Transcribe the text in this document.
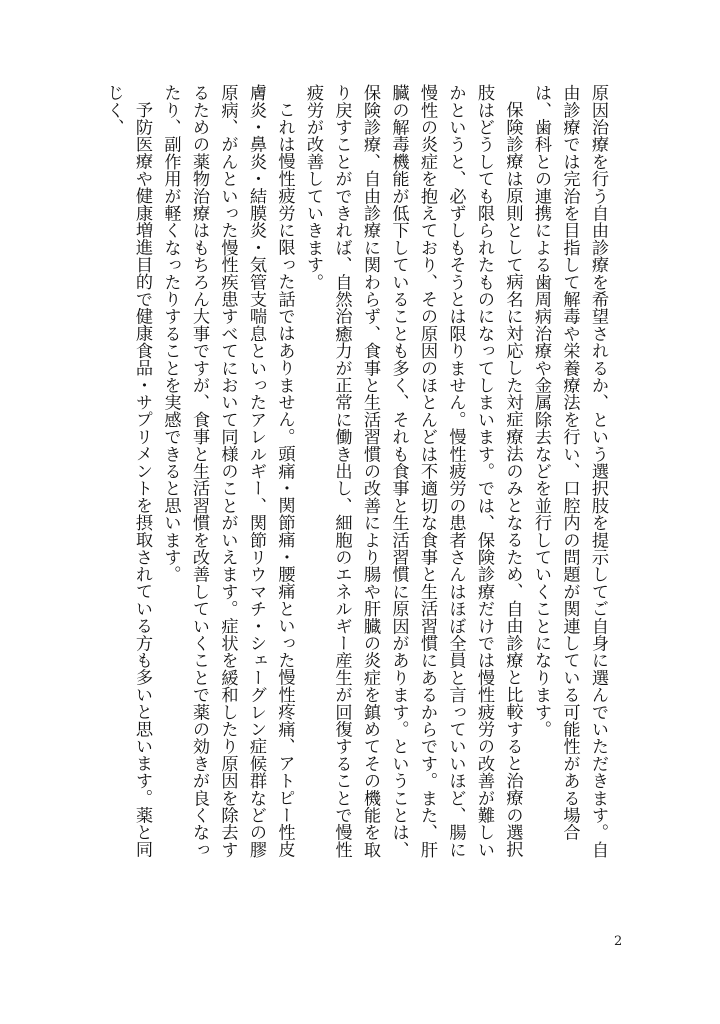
原因治療を行う自由診療を希望されるか、という選択肢を提示してご自身に選んでいただきます。自由診療では完治を目指して解毒や栄養療法を行い、口腔内の問題が関連している可能性がある場合は、歯科との連携による歯周病治療や金属除去などを並行していくことになります。

保険診療は原則として病名に対応した対症療法のみとなるため、自由診療と比較すると治療の選択肢はどうしても限られたものになってしまいます。では、保険診療だけでは慢性疲労の改善が難しいかというと、必ずしもそうとは限りません。慢性疲労の患者さんはほぼ全員と言っていいほど、腸に慢性の炎症を抱えており、その原因のほとんどは不適切な食事と生活習慣にあるからです。また、肝臓の解毒機能が低下していることも多く、それも食事と生活習慣に原因があります。ということは、保険診療、自由診療に関わらず、食事と生活習慣の改善により腸や肝臓の炎症を鎮めてその機能を取り戻すことができれば、自然治癒力が正常に働き出し、細胞のエネルギー産生が回復することで慢性疲労が改善していきます。

これは慢性疲労に限った話ではありません。頭痛・関節痛・腰痛といった慢性疼痛、アトピー性皮膚炎・鼻炎・結膜炎・気管支喘息といったアレルギー、関節リウマチ・シェーグレン症候群などの膠原病、がんといった慢性疾患すべてにおいて同様のことがいえます。症状を緩和したり原因を除去するための薬物治療はもちろん大事ですが、食事と生活習慣を改善していくことで薬の効きが良くなったり、副作用が軽くなったりすることを実感できると思います。

予防医療や健康増進目的で健康食品・サプリメントを摂取されている方も多いと思います。薬と同じく、

2
